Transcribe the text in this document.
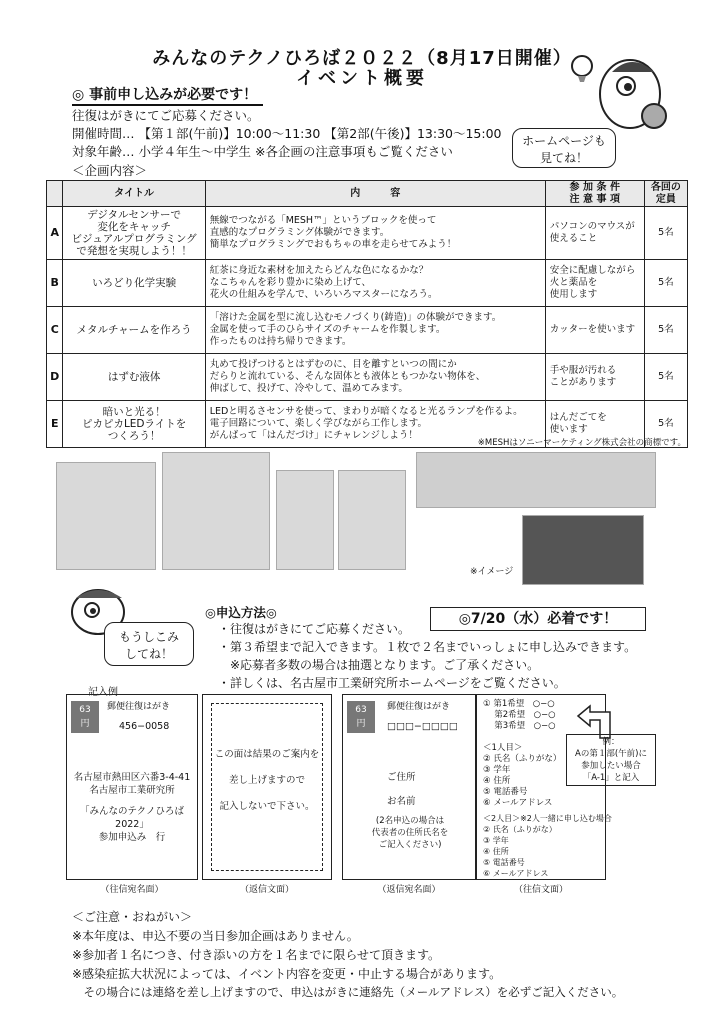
みんなのテクノひろば２０２２（8月17日開催）
イベント概要
◎ 事前申し込みが必要です！
往復はがきにてご応募ください。
開催時間… 【第１部(午前)】10:00～11:30 【第2部(午後)】13:30～15:00
対象年齢… 小学４年生～中学生 ※各企画の注意事項もご覧ください
＜企画内容＞
ホームページも
見てね！
	タイトル	内　　　容	参 加 条 件
注 意 事 項	各回の
定員
A	デジタルセンサーで
変化をキャッチ
ビジュアルプログラミング
で発想を実現しよう！！	無線でつながる「MESH™」というブロックを使って
直感的なプログラミング体験ができます。
簡単なプログラミングでおもちゃの車を走らせてみよう！	パソコンのマウスが
使えること	5名
B	いろどり化学実験	紅茶に身近な素材を加えたらどんな色になるかな？
なこちゃんを彩り豊かに染め上げて、
花火の仕組みを学んで、いろいろマスターになろう。	安全に配慮しながら
火と薬品を
使用します	5名
C	メタルチャームを作ろう	「溶けた金属を型に流し込むモノづくり(鋳造)」の体験ができます。
金属を使って手のひらサイズのチャームを作製します。
作ったものは持ち帰りできます。	カッターを使います	5名
D	はずむ液体	丸めて投げつけるとはずむのに、目を離すといつの間にか
だらりと流れている、そんな固体とも液体ともつかない物体を、
伸ばして、投げて、冷やして、温めてみます。	手や服が汚れる
ことがあります	5名
E	暗いと光る！
ピカピカLEDライトを
つくろう！	LEDと明るさセンサを使って、まわりが暗くなると光るランプを作るよ。
電子回路について、楽しく学びながら工作します。
がんばって「はんだづけ」にチャレンジしよう！	はんだごてを
使います	5名
※MESHはソニーマーケティング株式会社の商標です。
※イメージ
もうしこみ
してね！
◎申込方法◎	◎7/20（水）必着です！
・往復はがきにてご応募ください。
・第３希望まで記入できます。１枚で２名までいっしょに申し込みできます。
　※応募者多数の場合は抽選となります。ご了承ください。
・詳しくは、名古屋市工業研究所ホームページをご覧ください。
記入例
63
円
郵便往復はがき
456−0058
名古屋市熱田区六番3-4-41
名古屋市工業研究所
「みんなのテクノひろば
2022」
参加申込み　行
（往信宛名面）
この面は結果のご案内を

差し上げますので

記入しないで下さい。
（返信文面）
63
円
郵便往復はがき
□□□−□□□□
ご住所
お名前
(2名申込の場合は
代表者の住所氏名を
ご記入ください)
（返信宛名面）
① 第1希望　○−○
　 第2希望　○−○
　 第3希望　○−○
＜1人目＞
② 氏名（ふりがな）
③ 学年
④ 住所
⑤ 電話番号
⑥ メールアドレス
＜2人目＞※2人一緒に申し込む場合
② 氏名（ふりがな）
③ 学年
④ 住所
⑤ 電話番号
⑥ メールアドレス
（往信文面）
例：
Aの第１部(午前)に
参加したい場合
「A-1」と記入
＜ご注意・おねがい＞
※本年度は、申込不要の当日参加企画はありません。
※参加者１名につき、付き添いの方を１名までに限らせて頂きます。
※感染症拡大状況によっては、イベント内容を変更・中止する場合があります。
　その場合には連絡を差し上げますので、申込はがきに連絡先（メールアドレス）を必ずご記入ください。
